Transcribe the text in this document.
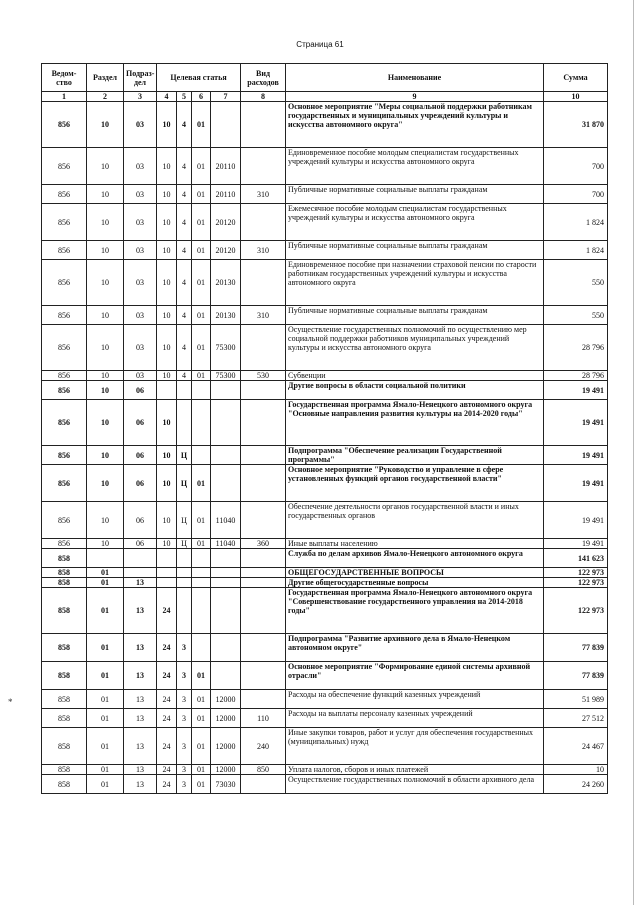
Страница 61
*
Ведом-ство	Раздел	Подраз-дел	Целевая статья				Вид расходов	Наименование	Сумма
1	2	3	4	5	6	7	8	9	10
856	10	03	10	4	01			Основное мероприятие "Меры социальной поддержки работникам государственных и муниципальных учреждений культуры и искусства автономного округа"	31 870
856	10	03	10	4	01	20110		Единовременное пособие молодым специалистам государственных учреждений культуры и искусства автономного округа	700
856	10	03	10	4	01	20110	310	Публичные нормативные социальные выплаты гражданам	700
856	10	03	10	4	01	20120		Ежемесячное пособие молодым специалистам государственных учреждений культуры и искусства автономного округа	1 824
856	10	03	10	4	01	20120	310	Публичные нормативные социальные выплаты гражданам	1 824
856	10	03	10	4	01	20130		Единовременное пособие при назначении страховой пенсии по старости работникам государственных учреждений культуры и искусства автономного округа	550
856	10	03	10	4	01	20130	310	Публичные нормативные социальные выплаты гражданам	550
856	10	03	10	4	01	75300		Осуществление государственных полномочий по осуществлению мер социальной поддержки работников муниципальных учреждений культуры и искусства автономного округа	28 796
856	10	03	10	4	01	75300	530	Субвенции	28 796
856	10	06						Другие вопросы в области социальной политики	19 491
856	10	06	10					Государственная программа Ямало-Ненецкого автономного округа "Основные направления развития культуры на 2014-2020 годы"	19 491
856	10	06	10	Ц				Подпрограмма "Обеспечение реализации Государственной программы"	19 491
856	10	06	10	Ц	01			Основное мероприятие "Руководство и управление в сфере установленных функций органов государственной власти"	19 491
856	10	06	10	Ц	01	11040		Обеспечение деятельности органов государственной власти и иных государственных органов	19 491
856	10	06	10	Ц	01	11040	360	Иные выплаты населению	19 491
858								Служба по делам архивов Ямало-Ненецкого автономного округа	141 623
858	01							ОБЩЕГОСУДАРСТВЕННЫЕ ВОПРОСЫ	122 973
858	01	13						Другие общегосударственные вопросы	122 973
858	01	13	24					Государственная программа Ямало-Ненецкого автономного округа "Совершенствование государственного управления на 2014-2018 годы"	122 973
858	01	13	24	3				Подпрограмма "Развитие архивного дела в Ямало-Ненецком автономном округе"	77 839
858	01	13	24	3	01			Основное мероприятие "Формирование единой системы архивной отрасли"	77 839
858	01	13	24	3	01	12000		Расходы на обеспечение функций казенных учреждений	51 989
858	01	13	24	3	01	12000	110	Расходы на выплаты персоналу казенных учреждений	27 512
858	01	13	24	3	01	12000	240	Иные закупки товаров, работ и услуг для обеспечения государственных (муниципальных) нужд	24 467
858	01	13	24	3	01	12000	850	Уплата налогов, сборов и иных платежей	10
858	01	13	24	3	01	73030		Осуществление государственных полномочий в области архивного дела	24 260
